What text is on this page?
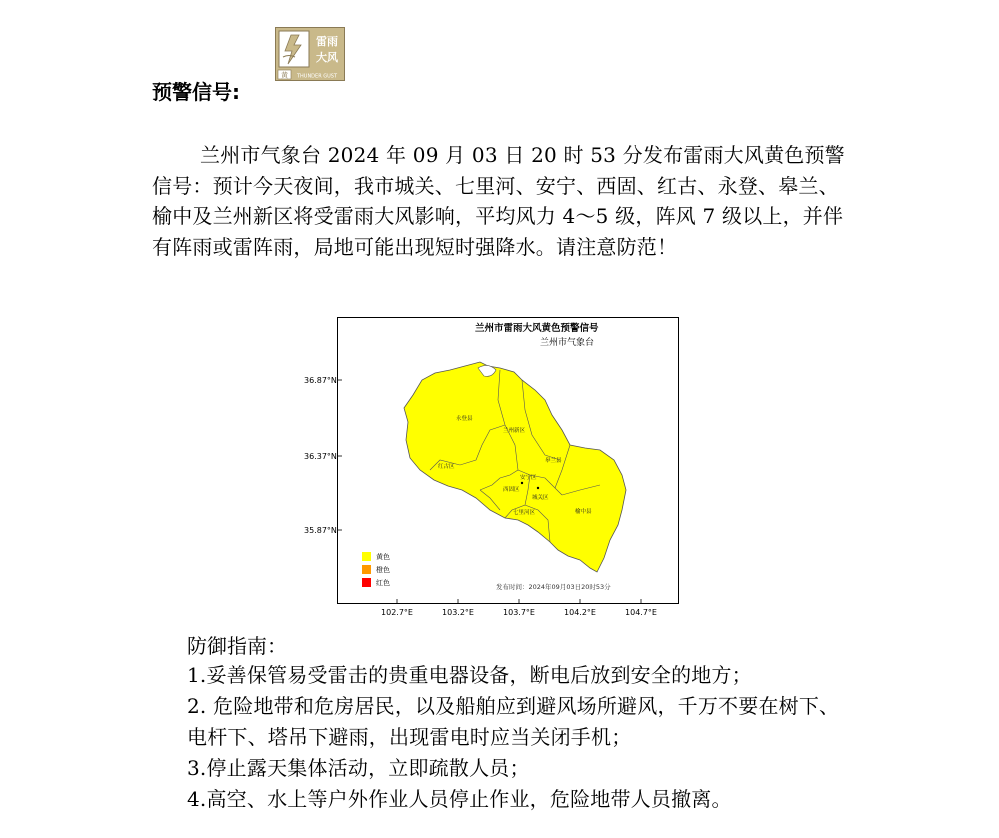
预警信号:
雷雨
大风
黄 THUNDER GUST

兰州市气象台 2024 年 09 月 03 日 20 时 53 分发布雷雨大风黄色预警信号：预计今天夜间，我市城关、七里河、安宁、西固、红古、永登、皋兰、榆中及兰州新区将受雷雨大风影响，平均风力 4～5 级，阵风 7 级以上，并伴有阵雨或雷阵雨，局地可能出现短时强降水。请注意防范！

兰州市雷雨大风黄色预警信号
兰州市气象台
36.87°N
36.37°N
35.87°N
102.7°E	103.2°E	103.7°E	104.2°E	104.7°E
永登县
兰州新区
皋兰县
红古区
西固区
安宁区
城关区
七里河区	榆中县
黄色
橙色
红色
发布时间：2024年09月03日20时53分

防御指南：

1.妥善保管易受雷击的贵重电器设备，断电后放到安全的地方；
2. 危险地带和危房居民，以及船舶应到避风场所避风，千万不要在树下、电杆下、塔吊下避雨，出现雷电时应当关闭手机；
3.停止露天集体活动，立即疏散人员；
4.高空、水上等户外作业人员停止作业，危险地带人员撤离。
